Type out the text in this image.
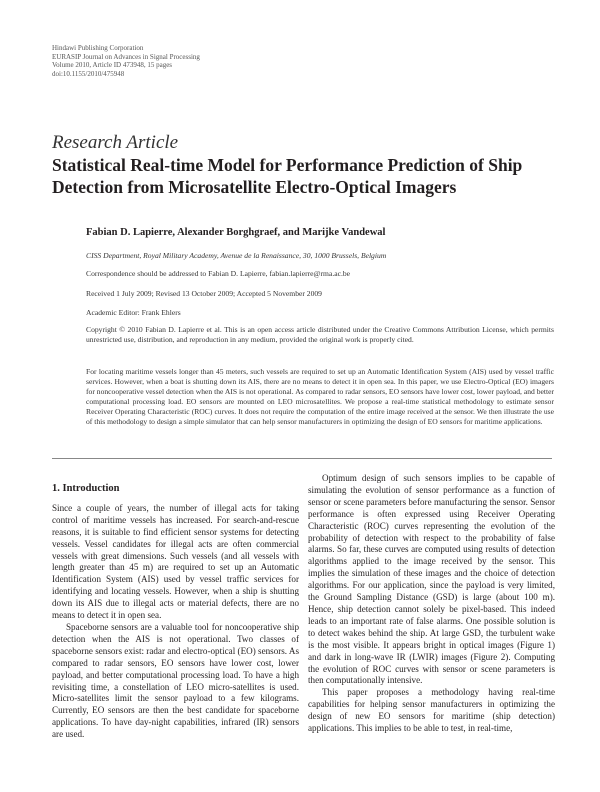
Hindawi Publishing Corporation
EURASIP Journal on Advances in Signal Processing
Volume 2010, Article ID 473948, 15 pages
doi:10.1155/2010/475948
Research Article
Statistical Real-time Model for Performance Prediction of Ship Detection from Microsatellite Electro-Optical Imagers
Fabian D. Lapierre, Alexander Borghgraef, and Marijke Vandewal
CISS Department, Royal Military Academy, Avenue de la Renaissance, 30, 1000 Brussels, Belgium
Correspondence should be addressed to Fabian D. Lapierre, fabian.lapierre@rma.ac.be
Received 1 July 2009; Revised 13 October 2009; Accepted 5 November 2009
Academic Editor: Frank Ehlers
Copyright © 2010 Fabian D. Lapierre et al. This is an open access article distributed under the Creative Commons Attribution License, which permits unrestricted use, distribution, and reproduction in any medium, provided the original work is properly cited.
For locating maritime vessels longer than 45 meters, such vessels are required to set up an Automatic Identification System (AIS) used by vessel traffic services. However, when a boat is shutting down its AIS, there are no means to detect it in open sea. In this paper, we use Electro-Optical (EO) imagers for noncooperative vessel detection when the AIS is not operational. As compared to radar sensors, EO sensors have lower cost, lower payload, and better computational processing load. EO sensors are mounted on LEO microsatellites. We propose a real-time statistical methodology to estimate sensor Receiver Operating Characteristic (ROC) curves. It does not require the computation of the entire image received at the sensor. We then illustrate the use of this methodology to design a simple simulator that can help sensor manufacturers in optimizing the design of EO sensors for maritime applications.
1. Introduction

Since a couple of years, the number of illegal acts for taking control of maritime vessels has increased. For search-and-rescue reasons, it is suitable to find efficient sensor systems for detecting vessels. Vessel candidates for illegal acts are often commercial vessels with great dimensions. Such vessels (and all vessels with length greater than 45 m) are required to set up an Automatic Identification System (AIS) used by vessel traffic services for identifying and locating vessels. However, when a ship is shutting down its AIS due to illegal acts or material defects, there are no means to detect it in open sea.

Spaceborne sensors are a valuable tool for noncooperative ship detection when the AIS is not operational. Two classes of spaceborne sensors exist: radar and electro-optical (EO) sensors. As compared to radar sensors, EO sensors have lower cost, lower payload, and better computational processing load. To have a high revisiting time, a constellation of LEO micro-satellites is used. Micro-satellites limit the sensor payload to a few kilograms. Currently, EO sensors are then the best candidate for spaceborne applications. To have day-night capabilities, infrared (IR) sensors are used.

Optimum design of such sensors implies to be capable of simulating the evolution of sensor performance as a function of sensor or scene parameters before manufacturing the sensor. Sensor performance is often expressed using Receiver Operating Characteristic (ROC) curves representing the evolution of the probability of detection with respect to the probability of false alarms. So far, these curves are computed using results of detection algorithms applied to the image received by the sensor. This implies the simulation of these images and the choice of detection algorithms. For our application, since the payload is very limited, the Ground Sampling Distance (GSD) is large (about 100 m). Hence, ship detection cannot solely be pixel-based. This indeed leads to an important rate of false alarms. One possible solution is to detect wakes behind the ship. At large GSD, the turbulent wake is the most visible. It appears bright in optical images (Figure 1) and dark in long-wave IR (LWIR) images (Figure 2). Computing the evolution of ROC curves with sensor or scene parameters is then computationally intensive.

This paper proposes a methodology having real-time capabilities for helping sensor manufacturers in optimizing the design of new EO sensors for maritime (ship detection) applications. This implies to be able to test, in real-time,
